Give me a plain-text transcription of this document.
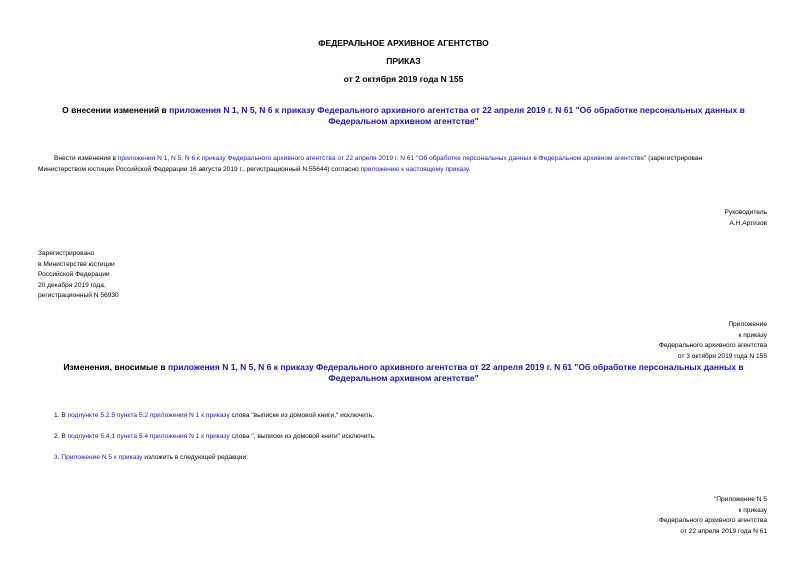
ФЕДЕРАЛЬНОЕ АРХИВНОЕ АГЕНТСТВО
ПРИКАЗ
от 2 октября 2019 года N 155

О внесении изменений в приложения N 1, N 5, N 6 к приказу Федерального архивного агентства от 22 апреля 2019 г. N 61 "Об обработке персональных данных в

Федеральном архивном агентстве"

Внести изменения в приложения N 1, N 5, N 6 к приказу Федерального архивного агентства от 22 апреля 2019 г. N 61 "Об обработке персональных данных в Федеральном архивном агентстве" (зарегистрирован

Министерством юстиции Российской Федерации 16 августа 2019 г., регистрационный N 55644) согласно приложению к настоящему приказу.

Руководитель

А.Н.Артизов

Зарегистрировано

в Министерстве юстиции

Российской Федерации

20 декабря 2019 года,

регистрационный N 56930

Приложение

к приказу

Федерального архивного агентства

от 3 октября 2019 года N 155

Изменения, вносимые в приложения N 1, N 5, N 6 к приказу Федерального архивного агентства от 22 апреля 2019 г. N 61 "Об обработке персональных данных в

Федеральном архивном агентстве"

1. В подпункте 5.2.5 пункта 5.2 приложения N 1 к приказу слова "выписке из домовой книги," исключить.
2. В подпункте 5.4.1 пункта 5.4 приложения N 1 к приказу слова ", выписки из домовой книги" исключить.
3. Приложение N 5 к приказу изложить в следующей редакции:

"Приложение N 5

к приказу

Федерального архивного агентства

от 22 апреля 2019 года N 61
